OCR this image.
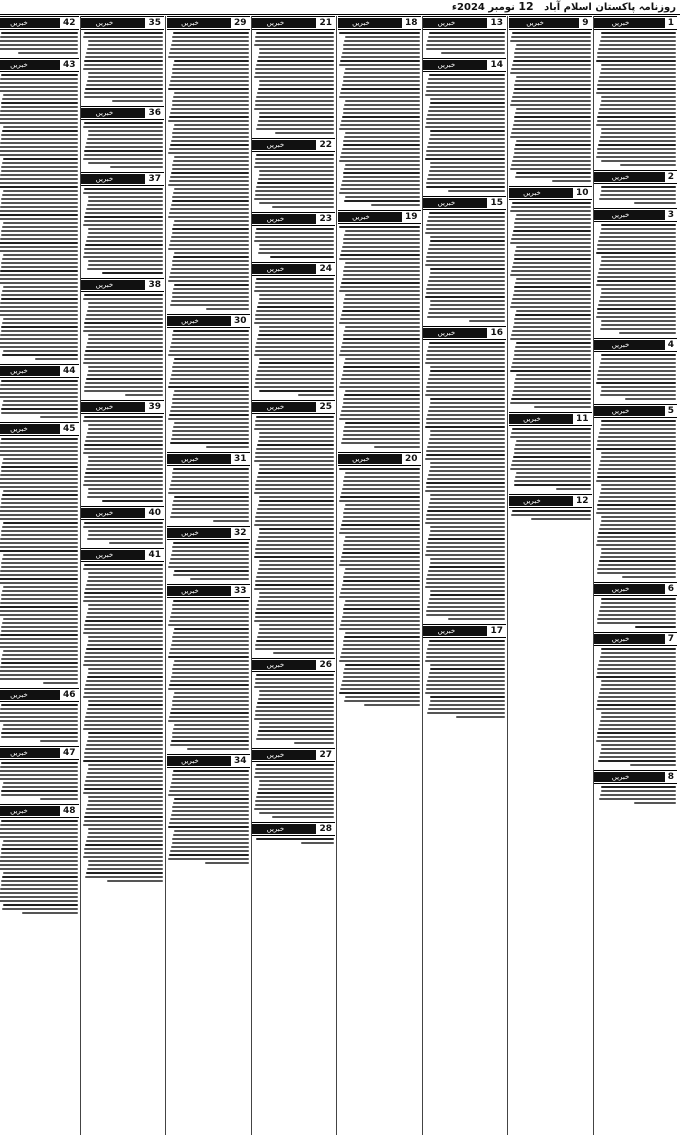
روزنامہ پاکستان اسلام آباد   12 نومبر 2024ء
خبریں	1
خبریں	2
خبریں	3
خبریں	4
خبریں	5
خبریں	6
خبریں	7
خبریں	8
خبریں	9
خبریں	10
خبریں	11
خبریں	12
خبریں	13
خبریں	14
خبریں	15
خبریں	16
خبریں	17
خبریں	18
خبریں	19
خبریں	20
خبریں	21
خبریں	22
خبریں	23
خبریں	24
خبریں	25
خبریں	26
خبریں	27
خبریں	28
خبریں	29
خبریں	30
خبریں	31
خبریں	32
خبریں	33
خبریں	34
خبریں	35
خبریں	36
خبریں	37
خبریں	38
خبریں	39
خبریں	40
خبریں	41
خبریں	42
خبریں	43
خبریں	44
خبریں	45
خبریں	46
خبریں	47
خبریں	48
